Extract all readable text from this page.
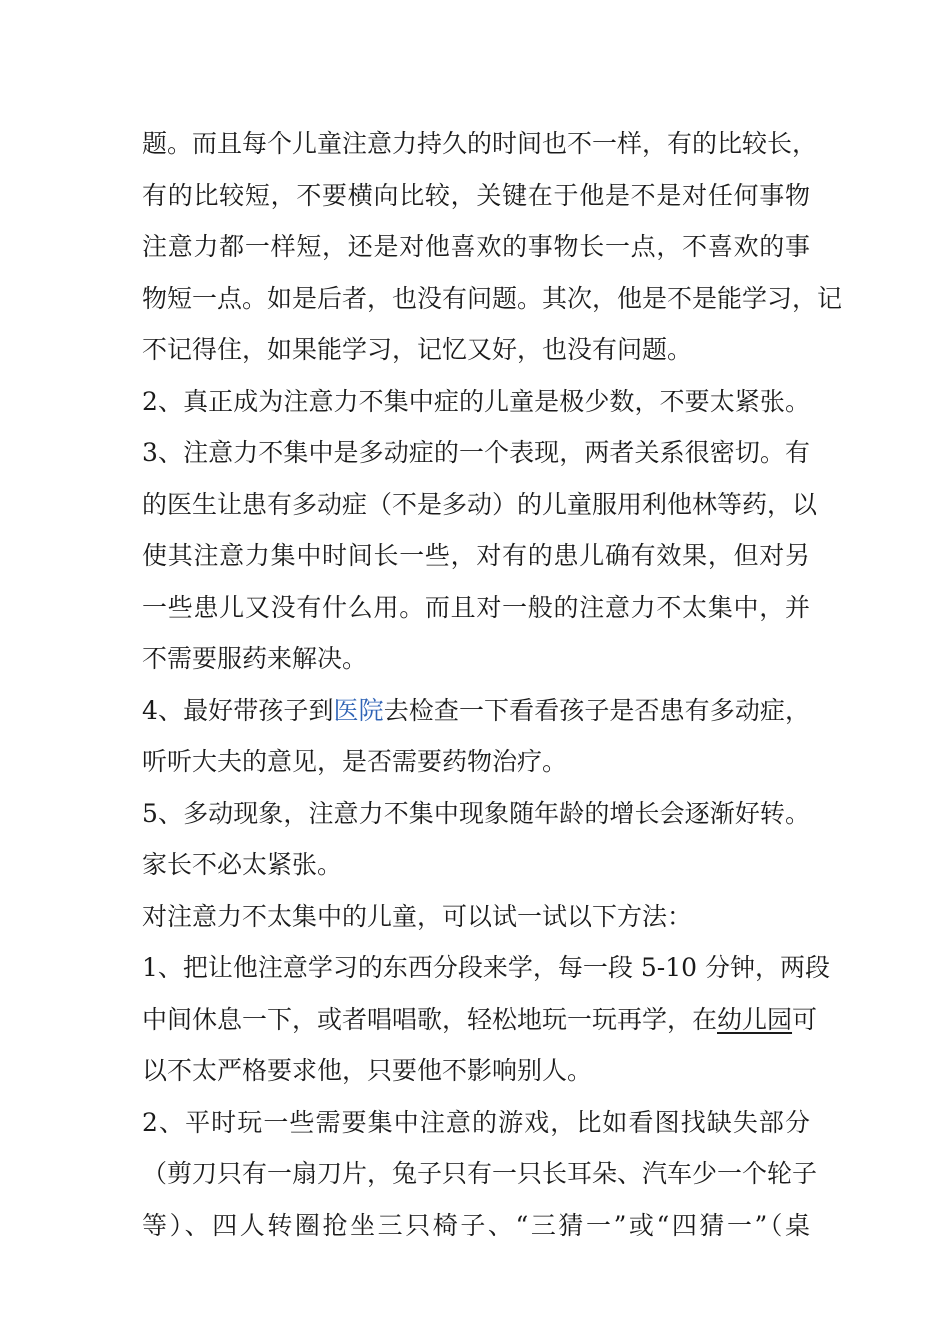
题。而且每个儿童注意力持久的时间也不一样，有的比较长，
有的比较短，不要横向比较，关键在于他是不是对任何事物
注意力都一样短，还是对他喜欢的事物长一点，不喜欢的事
物短一点。如是后者，也没有问题。其次，他是不是能学习，记
不记得住，如果能学习，记忆又好，也没有问题。
2、真正成为注意力不集中症的儿童是极少数，不要太紧张。
3、注意力不集中是多动症的一个表现，两者关系很密切。有
的医生让患有多动症（不是多动）的儿童服用利他林等药，以
使其注意力集中时间长一些，对有的患儿确有效果，但对另
一些患儿又没有什么用。而且对一般的注意力不太集中，并
不需要服药来解决。
4、最好带孩子到医院去检查一下看看孩子是否患有多动症，
听听大夫的意见，是否需要药物治疗。
5、多动现象，注意力不集中现象随年龄的增长会逐渐好转。
家长不必太紧张。
对注意力不太集中的儿童，可以试一试以下方法：
1、把让他注意学习的东西分段来学，每一段 5-10 分钟，两段
中间休息一下，或者唱唱歌，轻松地玩一玩再学，在幼儿园可
以不太严格要求他，只要他不影响别人。
2、平时玩一些需要集中注意的游戏，比如看图找缺失部分
（剪刀只有一扇刀片，兔子只有一只长耳朵、汽车少一个轮子
等）、四人转圈抢坐三只椅子、“三猜一”或“四猜一”（桌
